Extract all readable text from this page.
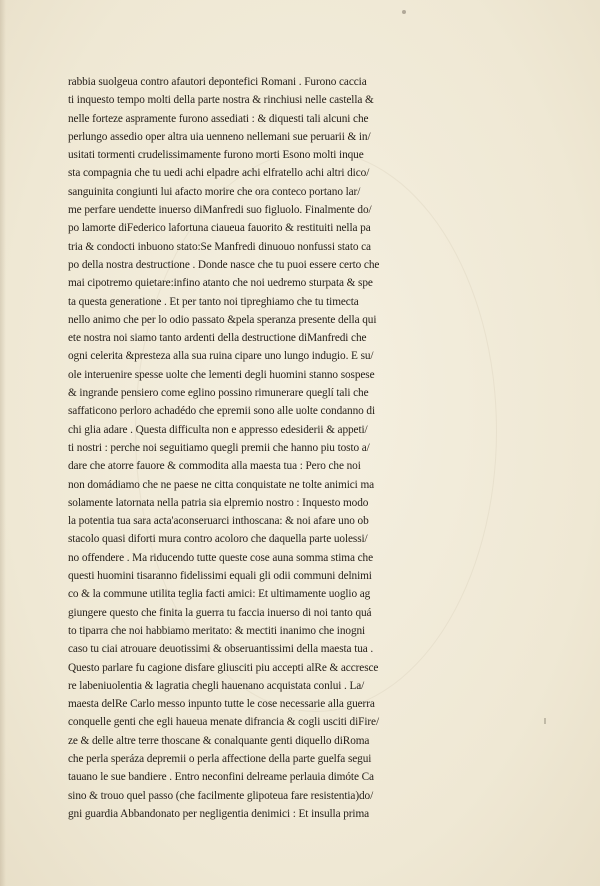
rabbia suolgeua contro afautori depontefici Romani . Furono caccia
ti inquesto tempo molti della parte nostra & rinchiusi nelle castella &
nelle forteze aspramente furono assediati : & diquesti tali alcuni che
perlungo assedio oper altra uia uenneno nellemani sue peruarii & in/
usitati tormenti crudelissimamente furono morti Esono molti inque
sta compagnia che tu uedi achi elpadre achi elfratello achi altri dico/
sanguinita congiunti lui afacto morire che ora conteco portano lar/
me perfare uendette inuerso diManfredi suo figluolo. Finalmente do/
po lamorte diFederico lafortuna ciaueua fauorito & restituiti nella pa
tria & condocti inbuono stato:Se Manfredi dinuouo nonfussi stato ca
po della nostra destructione . Donde nasce che tu puoi essere certo che
mai cipotremo quietare:infino atanto che noi uedremo sturpata & spe
ta questa generatione . Et per tanto noi tipreghiamo che tu timecta
nello animo che per lo odio passato &pela speranza presente della qui
ete nostra noi siamo tanto ardenti della destructione diManfredi che
ogni celerita &presteza alla sua ruina cipare uno lungo indugio. E su/
ole interuenire spesse uolte che lementi degli huomini stanno sospese
& ingrande pensiero come eglino possino rimunerare queglí tali che
saffaticono perloro achadédo che epremii sono alle uolte condanno di
chi glia adare . Questa difficulta non e appresso edesiderii & appeti/
ti nostri : perche noi seguitiamo quegli premii che hanno piu tosto a/
dare che atorre fauore & commodita alla maesta tua : Pero che noi
non domádiamo che ne paese ne citta conquistate ne tolte animici ma
solamente latornata nella patria sia elpremio nostro : Inquesto modo
la potentia tua sara acta'aconseruarci inthoscana: & noi afare uno ob
stacolo quasi diforti mura contro acoloro che daquella parte uolessi/
no offendere . Ma riducendo tutte queste cose auna somma stima che
questi huomini tisaranno fidelissimi equali gli odii communi delnimi
co & la commune utilita teglia facti amici: Et ultimamente uoglio ag
giungere questo che finita la guerra tu faccia inuerso di noi tanto quá
to tiparra che noi habbiamo meritato: & mectiti inanimo che inogni
caso tu ciai atrouare deuotissimi & obseruantissimi della maesta tua .
Questo parlare fu cagione disfare gliusciti piu accepti alRe & accresce
re labeniuolentia & lagratia chegli hauenano acquistata conlui . La/
maesta delRe Carlo messo inpunto tutte le cose necessarie alla guerra
conquelle genti che egli haueua menate difrancia & cogli usciti diFire/
ze & delle altre terre thoscane & conalquante genti diquello diRoma
che perla speráza depremii o perla affectione della parte guelfa segui
tauano le sue bandiere . Entro neconfini delreame perlauia dimóte Ca
sino & trouo quel passo (che facilmente glipoteua fare resistentia)do/
gni guardia Abbandonato per negligentia denimici : Et insulla prima
